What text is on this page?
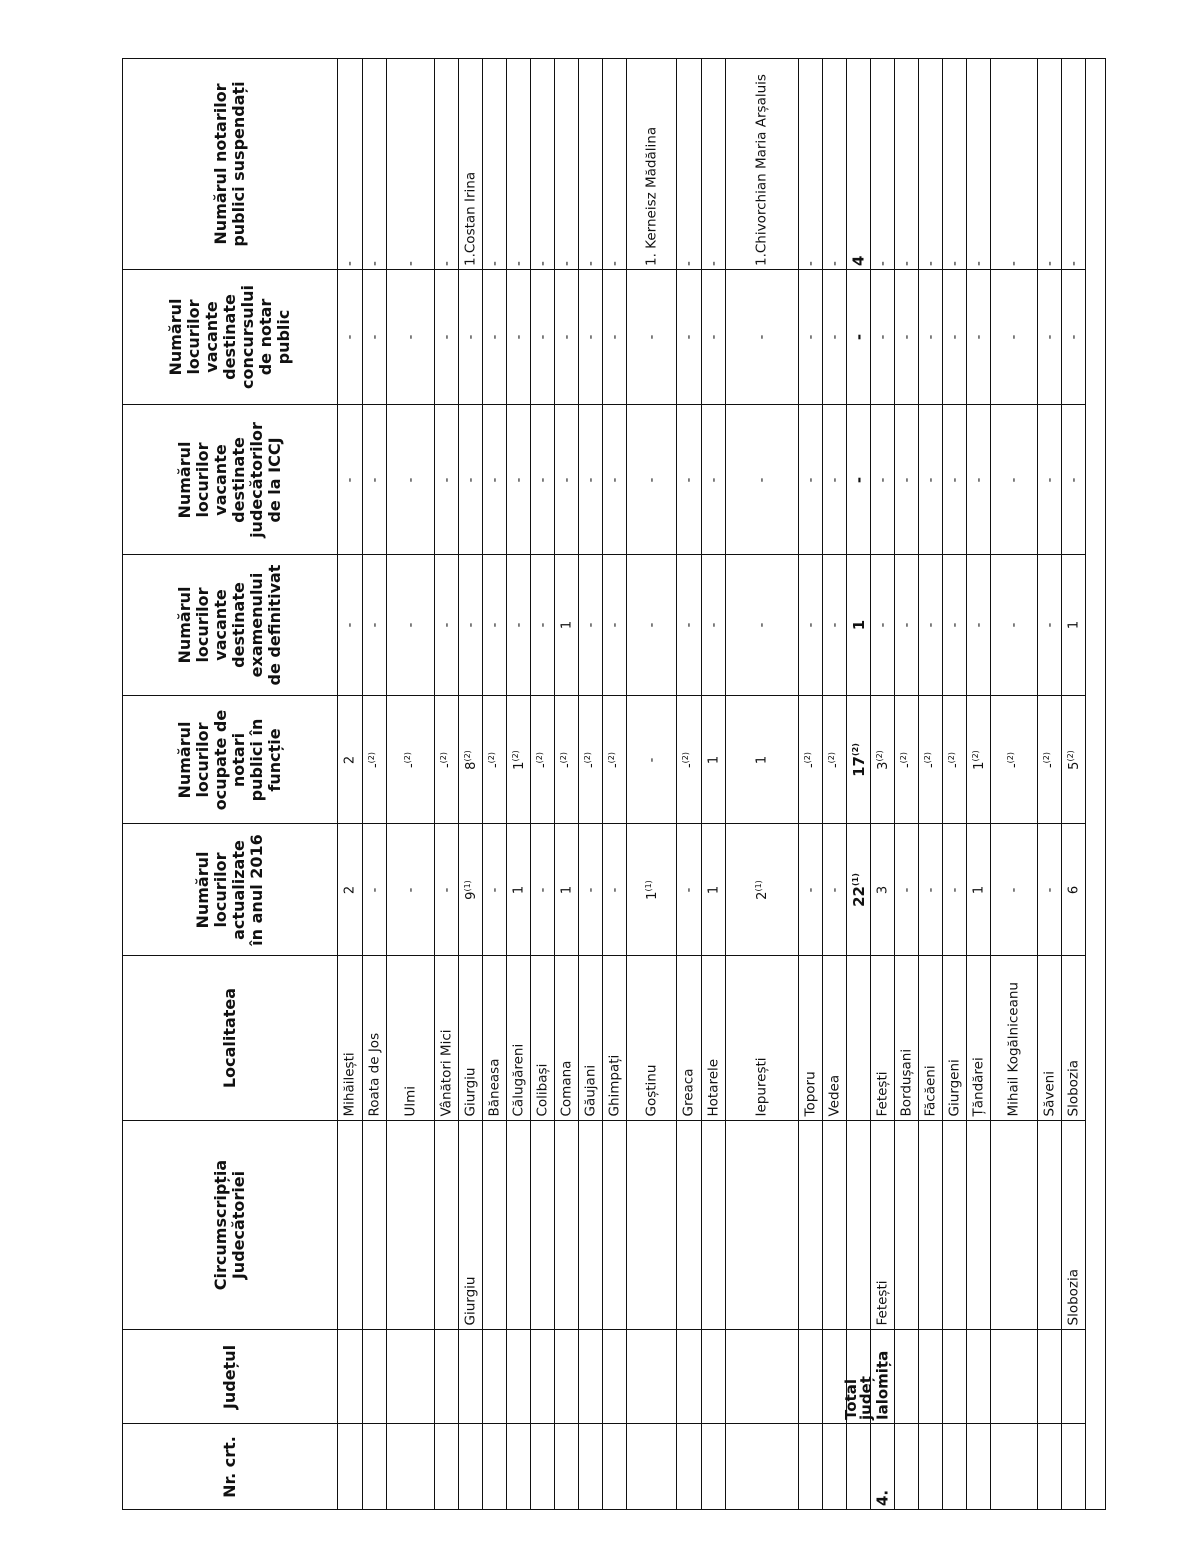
Nr. crt.
Județul
Circumscripția Judecătoriei
Localitatea
Numărul locurilor actualizate în anul 2016
Numărul locurilor ocupate de notari publici în funcție
Numărul locurilor vacante destinate examenului de definitivat
Numărul locurilor vacante destinate judecătorilor de la ICCJ
Numărul locurilor vacante destinate concursului de notar public
Numărul notarilor publici suspendați
Mihăilești
2
2
-
-
-
-
Roata de Jos
-
-$^{(2)}$
-
-
-
-
Ulmi
-
-$^{(2)}$
-
-
-
-
Vânători Mici
-
-$^{(2)}$
-
-
-
-
Giurgiu
Giurgiu
9$^{(1)}$
8$^{(2)}$
-
-
-
1.Costan Irina
Băneasa
-
-$^{(2)}$
-
-
-
-
Călugăreni
1
1$^{(2)}$
-
-
-
-
Colibași
-
-$^{(2)}$
-
-
-
-
Comana
1
-$^{(2)}$
1
-
-
-
Găujani
-
-$^{(2)}$
-
-
-
-
Ghimpați
-
-$^{(2)}$
-
-
-
-
Goștinu
1$^{(1)}$
-
-
-
-
1. Kerneisz Mădălina
Greaca
-
-$^{(2)}$
-
-
-
-
Hotarele
1
1
-
-
-
-
Iepurești
2$^{(1)}$
1
-
-
-
1.Chivorchian Maria Arșaluis
Toporu
-
-$^{(2)}$
-
-
-
-
Vedea
-
-$^{(2)}$
-
-
-
-
Total județ
22$^{(1)}$
17$^{(2)}$
1
-
-
4
4.
Ialomița
Fetești
Fetești
3
3$^{(2)}$
-
-
-
-
Bordușani
-
-$^{(2)}$
-
-
-
-
Făcăeni
-
-$^{(2)}$
-
-
-
-
Giurgeni
-
-$^{(2)}$
-
-
-
-
Țăndărei
1
1$^{(2)}$
-
-
-
-
Mihail Kogălniceanu
-
-$^{(2)}$
-
-
-
-
Săveni
-
-$^{(2)}$
-
-
-
-
Slobozia
Slobozia
6
5$^{(2)}$
1
-
-
-
